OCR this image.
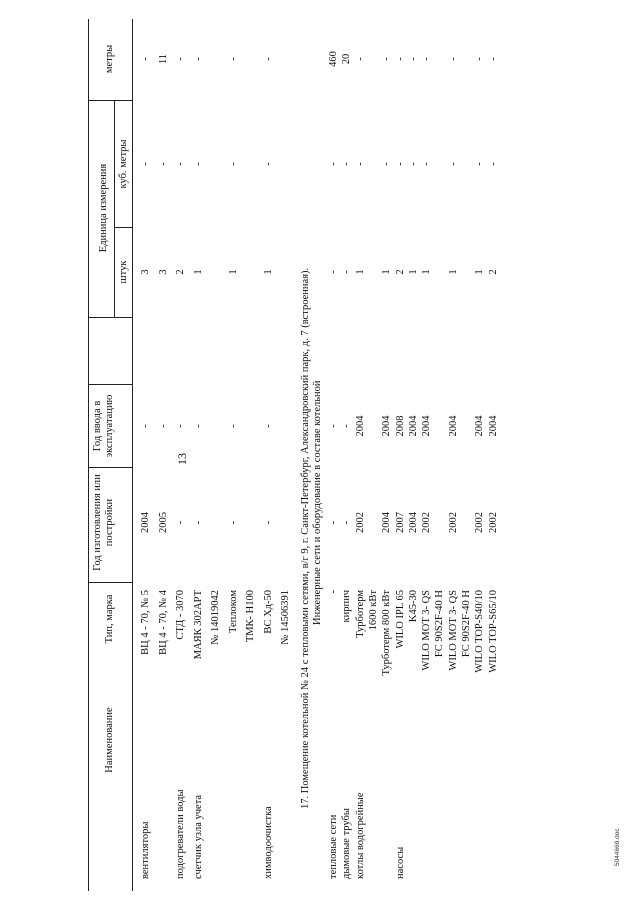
13
Наименование
Тип, марка
Год изготовления или постройки
Год ввода в эксплуатацию
Единица измерения
штук
куб. метры
метры
вентиляторы
ВЦ 4 - 70, № 5
2004
-
3
-
-
ВЦ 4 - 70, № 4
2005
-
3
-
11
подогреватели воды
СТД - 3070
-
-
2
-
-
счетчик узла учета
МАЯК 302АРТ
-
-
1
-
-
№ 14019042 Теплоком
-
-
1
-
-
ТМК- Н100
химводоочистка
ВС Хд-50
-
-
1
-
-
№ 14506391 17. Помещение котельной № 24 с тепловыми сетями, в/г 9, г. Санкт-Петербург, Александровский парк, д. 7 (встроенная). Инженерные сети и оборудование в составе котельной
тепловые сети
-
-
-
-
-
460
дымовые трубы
кирпич
-
-
-
-
20
котлы водогрейные
Турботерм
2002
2004
1
-
-
1600 кВт Турботерм 800 кВт
2004
2004
1
-
-
насосы
WILO IPL 65
2007
2008
2
-
-
K45-30
2004
2004
1
-
-
WILO MOT 3- QS
2002
2004
1
-
-
FC 90S2F-40 H WILO MOT 3- QS
2002
2004
1
-
-
FC 90S2F-40 H WILO TOP-S40/10
2002
2004
1
-
-
WILO TOP-S65/10
2002
2004
2
-
-
5044669.doc
